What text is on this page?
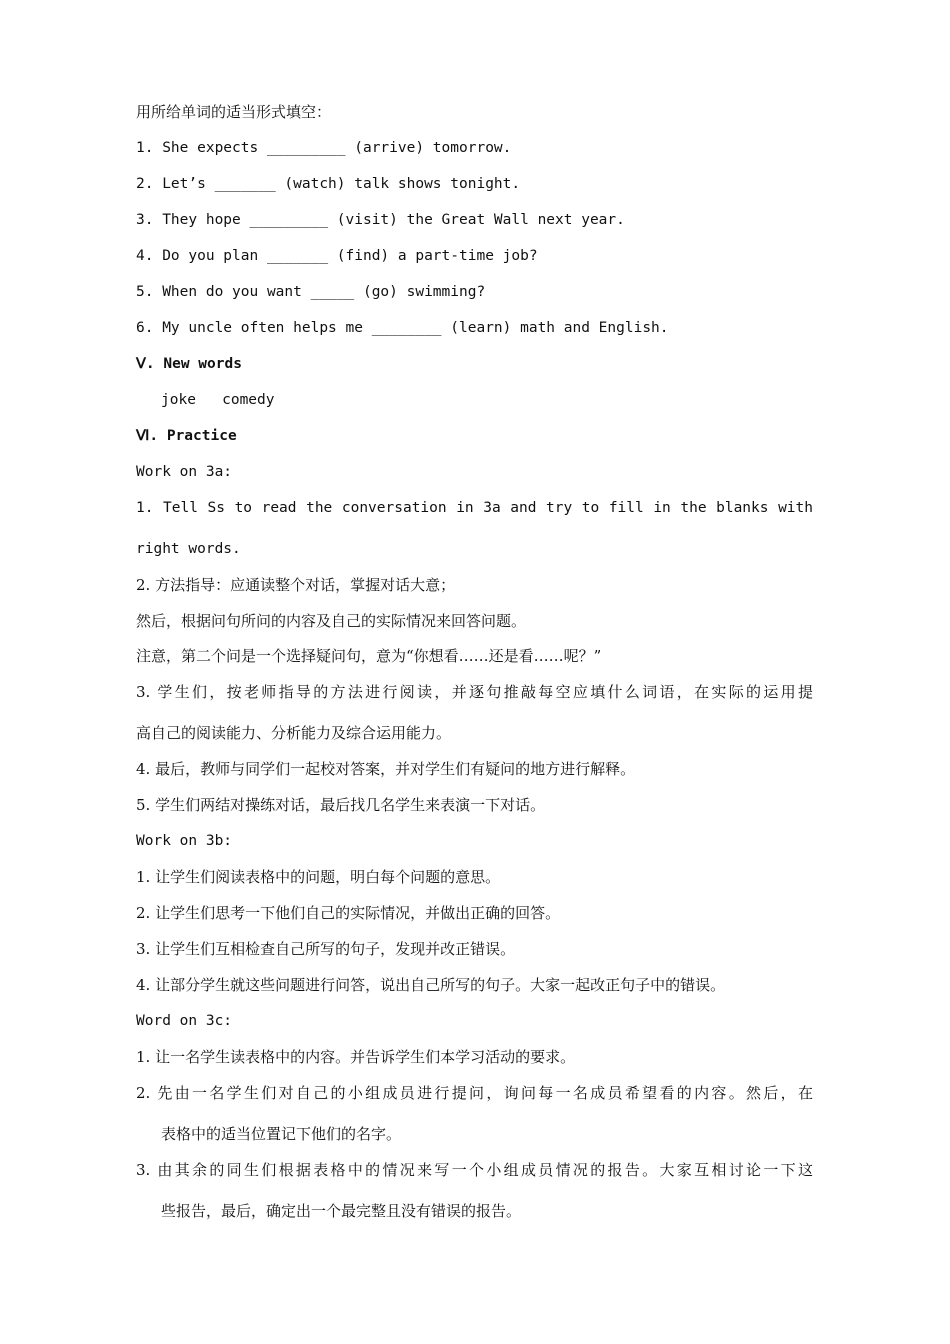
用所给单词的适当形式填空：
1. She expects _________ (arrive) tomorrow.
2. Let’s _______ (watch) talk shows tonight.
3. They hope _________ (visit) the Great Wall next year.
4. Do you plan _______ (find) a part-time job?
5. When do you want _____ (go) swimming?
6. My uncle often helps me ________ (learn) math and English.
Ⅴ. New words
joke   comedy
Ⅵ. Practice
Work on 3a:
1. Tell Ss to read the conversation in 3a and try to fill in the blanks with
right words.
2. 方法指导：应通读整个对话，掌握对话大意；
然后，根据问句所问的内容及自己的实际情况来回答问题。
注意，第二个问是一个选择疑问句，意为“你想看……还是看……呢？”
3. 学生们，按老师指导的方法进行阅读，并逐句推敲每空应填什么词语，在实际的运用提
高自己的阅读能力、分析能力及综合运用能力。
4. 最后，教师与同学们一起校对答案，并对学生们有疑问的地方进行解释。
5. 学生们两结对操练对话，最后找几名学生来表演一下对话。
Work on 3b:
1. 让学生们阅读表格中的问题，明白每个问题的意思。
2. 让学生们思考一下他们自己的实际情况，并做出正确的回答。
3. 让学生们互相检查自己所写的句子，发现并改正错误。
4. 让部分学生就这些问题进行问答，说出自己所写的句子。大家一起改正句子中的错误。
Word on 3c:
1. 让一名学生读表格中的内容。并告诉学生们本学习活动的要求。
2. 先由一名学生们对自己的小组成员进行提问，询问每一名成员希望看的内容。然后，在
表格中的适当位置记下他们的名字。
3. 由其余的同生们根据表格中的情况来写一个小组成员情况的报告。大家互相讨论一下这
些报告，最后，确定出一个最完整且没有错误的报告。
